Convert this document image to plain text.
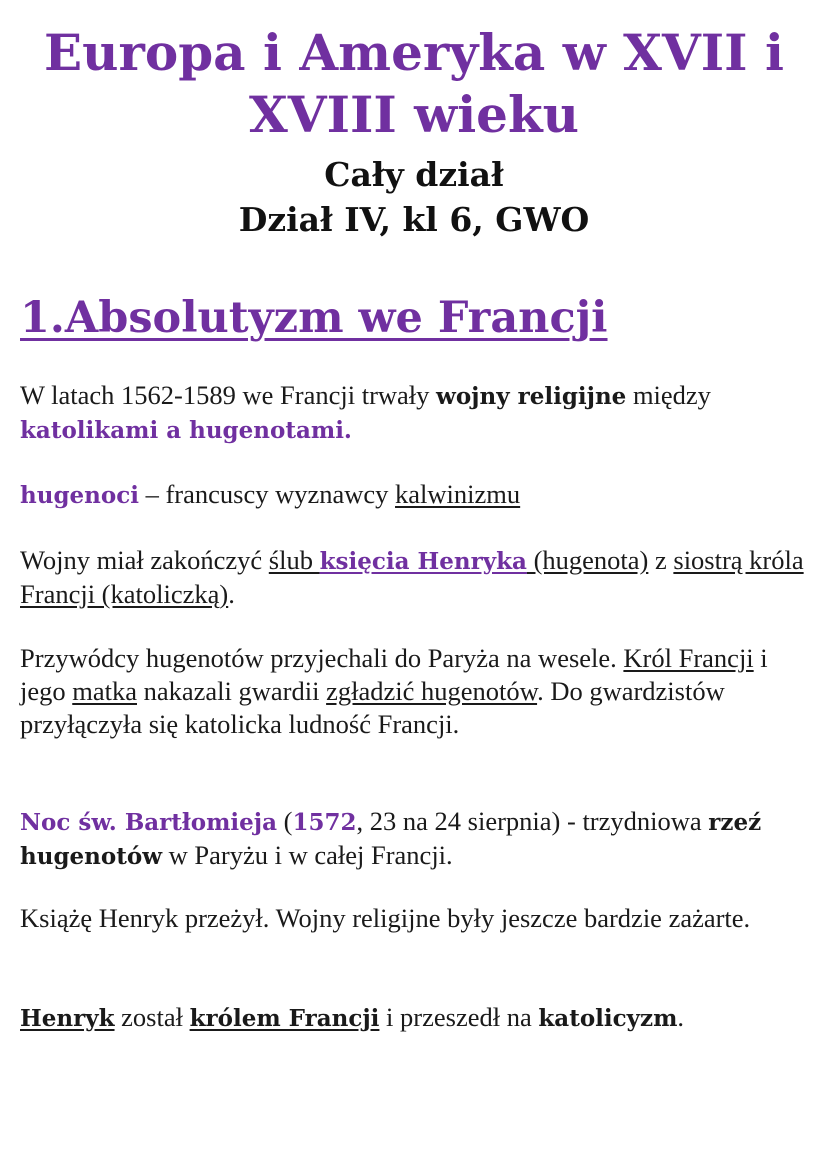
Europa i Ameryka w XVII i XVIII wieku
Cały dział
Dział IV, kl 6, GWO
1.Absolutyzm we Francji

W latach 1562-1589 we Francji trwały wojny religijne między katolikami a hugenotami.

hugenoci – francuscy wyznawcy kalwinizmu

Wojny miał zakończyć ślub księcia Henryka (hugenota) z siostrą króla Francji (katoliczką).

Przywódcy hugenotów przyjechali do Paryża na wesele. Król Francji i jego matka nakazali gwardii zgładzić hugenotów. Do gwardzistów przyłączyła się katolicka ludność Francji.

Noc św. Bartłomieja (1572, 23 na 24 sierpnia) - trzydniowa rzeź hugenotów w Paryżu i w całej Francji.

Książę Henryk przeżył. Wojny religijne były jeszcze bardzie zażarte.

Henryk został królem Francji i przeszedł na katolicyzm.
